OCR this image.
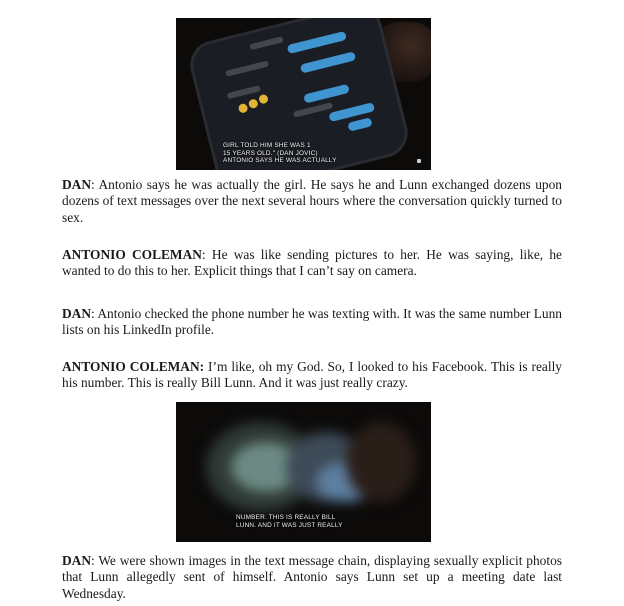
GIRL TOLD HIM SHE WAS 1
15 YEARS OLD." (DAN JOVIC)
ANTONIO SAYS HE WAS ACTUALLY

DAN: Antonio says he was actually the girl. He says he and Lunn exchanged dozens upon dozens of text messages over the next several hours where the conversation quickly turned to sex.

ANTONIO COLEMAN: He was like sending pictures to her. He was saying, like, he wanted to do this to her. Explicit things that I can’t say on camera.

DAN: Antonio checked the phone number he was texting with. It was the same number Lunn lists on his LinkedIn profile.

ANTONIO COLEMAN: I’m like, oh my God. So, I looked to his Facebook. This is really his number. This is really Bill Lunn. And it was just really crazy.

NUMBER. THIS IS REALLY BILL
LUNN. AND IT WAS JUST REALLY

DAN: We were shown images in the text message chain, displaying sexually explicit photos that Lunn allegedly sent of himself. Antonio says Lunn set up a meeting date last Wednesday.
